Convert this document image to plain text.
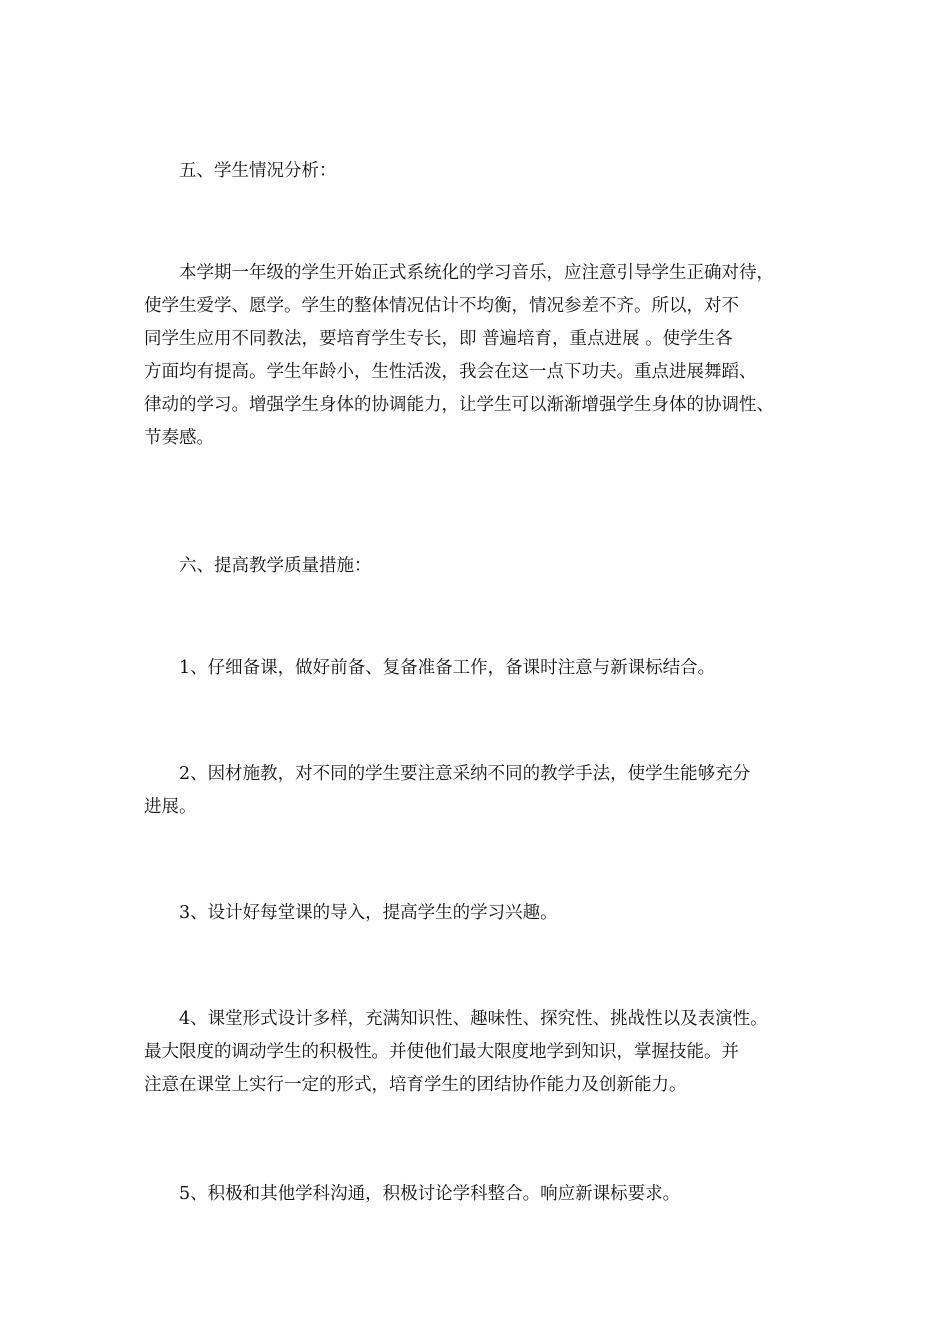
　　五、学生情况分析：

　　本学期一年级的学生开始正式系统化的学习音乐，应注意引导学生正确对待，
使学生爱学、愿学。学生的整体情况估计不均衡，情况参差不齐。所以，对不
同学生应用不同教法，要培育学生专长，即 普遍培育，重点进展 。使学生各
方面均有提高。学生年龄小，生性活泼，我会在这一点下功夫。重点进展舞蹈、
律动的学习。增强学生身体的协调能力，让学生可以渐渐增强学生身体的协调性、
节奏感。

　　六、提高教学质量措施：

　　1、仔细备课，做好前备、复备准备工作，备课时注意与新课标结合。

　　2、因材施教，对不同的学生要注意采纳不同的教学手法，使学生能够充分
进展。

　　3、设计好每堂课的导入，提高学生的学习兴趣。

　　4、课堂形式设计多样，充满知识性、趣味性、探究性、挑战性以及表演性。
最大限度的调动学生的积极性。并使他们最大限度地学到知识，掌握技能。并
注意在课堂上实行一定的形式，培育学生的团结协作能力及创新能力。

　　5、积极和其他学科沟通，积极讨论学科整合。响应新课标要求。
